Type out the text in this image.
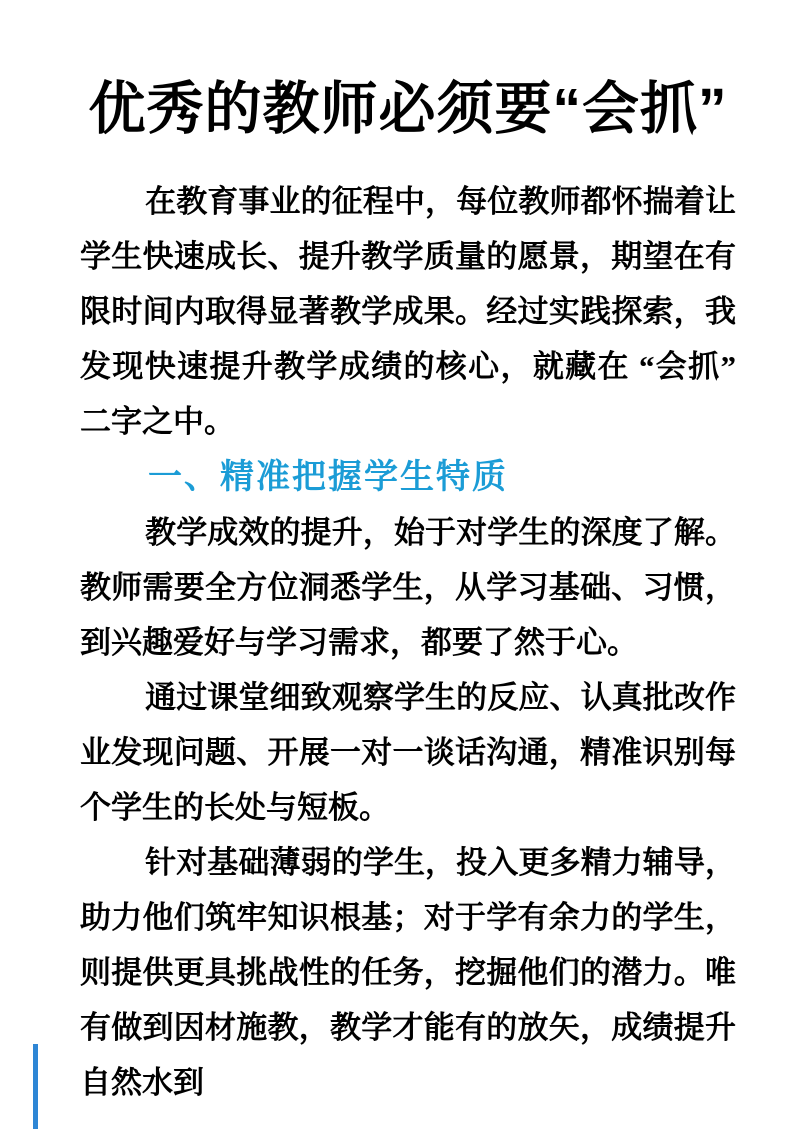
优秀的教师必须要“会抓”

在教育事业的征程中，每位教师都怀揣着让学生快速成长、提升教学质量的愿景，期望在有限时间内取得显著教学成果。经过实践探索，我发现快速提升教学成绩的核心，就藏在 “会抓” 二字之中。

一、精准把握学生特质

教学成效的提升，始于对学生的深度了解。教师需要全方位洞悉学生，从学习基础、习惯，到兴趣爱好与学习需求，都要了然于心。

通过课堂细致观察学生的反应、认真批改作业发现问题、开展一对一谈话沟通，精准识别每个学生的长处与短板。

针对基础薄弱的学生，投入更多精力辅导，助力他们筑牢知识根基；对于学有余力的学生，则提供更具挑战性的任务，挖掘他们的潜力。唯有做到因材施教，教学才能有的放矢，成绩提升自然水到
